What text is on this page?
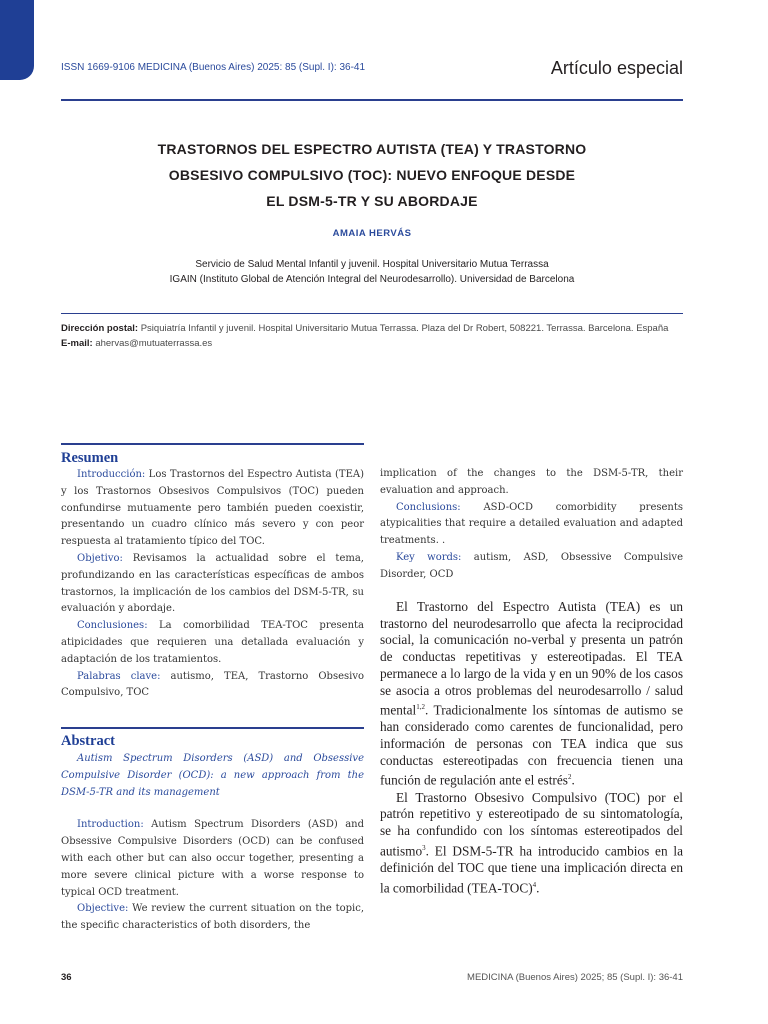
ISSN 1669-9106 MEDICINA (Buenos Aires) 2025: 85 (Supl. I): 36-41	Artículo especial
TRASTORNOS DEL ESPECTRO AUTISTA (TEA) Y TRASTORNO
OBSESIVO COMPULSIVO (TOC): NUEVO ENFOQUE DESDE
EL DSM-5-TR Y SU ABORDAJE
AMAIA HERVÁS
Servicio de Salud Mental Infantil y juvenil. Hospital Universitario Mutua Terrassa
IGAIN (Instituto Global de Atención Integral del Neurodesarrollo). Universidad de Barcelona
Dirección postal: Psiquiatría Infantil y juvenil. Hospital Universitario Mutua Terrassa. Plaza del Dr Robert, 508221. Terrassa. Barcelona. España
E-mail: ahervas@mutuaterrassa.es
Resumen

Introducción: Los Trastornos del Espectro Autista (TEA) y los Trastornos Obsesivos Compulsivos (TOC) pueden confundirse mutuamente pero también pueden coexistir, presentando un cuadro clínico más severo y con peor respuesta al tratamiento típico del TOC.

Objetivo: Revisamos la actualidad sobre el tema, profundizando en las características específicas de ambos trastornos, la implicación de los cambios del DSM-5-TR, su evaluación y abordaje.

Conclusiones: La comorbilidad TEA-TOC presenta atipicidades que requieren una detallada evaluación y adaptación de los tratamientos.

Palabras clave: autismo, TEA, Trastorno Obsesivo Compulsivo, TOC

Abstract

Autism Spectrum Disorders (ASD) and Obsessive Compulsive Disorder (OCD): a new approach from the DSM-5-TR and its management

Introduction: Autism Spectrum Disorders (ASD) and Obsessive Compulsive Disorders (OCD) can be confused with each other but can also occur together, presenting a more severe clinical picture with a worse response to typical OCD treatment.

Objective: We review the current situation on the topic, the specific characteristics of both disorders, the

implication of the changes to the DSM-5-TR, their evaluation and approach.

Conclusions: ASD-OCD comorbidity presents atypicalities that require a detailed evaluation and adapted treatments. .

Key words: autism, ASD, Obsessive Compulsive Disorder, OCD

El Trastorno del Espectro Autista (TEA) es un trastorno del neurodesarrollo que afecta la reciprocidad social, la comunicación no-verbal y presenta un patrón de conductas repetitivas y estereotipadas. El TEA permanece a lo largo de la vida y en un 90% de los casos se asocia a otros problemas del neurodesarrollo / salud mental$^{1,2}$. Tradicionalmente los síntomas de autismo se han considerado como carentes de funcionalidad, pero información de personas con TEA indica que sus conductas estereotipadas con frecuencia tienen una función de regulación ante el estrés$^2$.

El Trastorno Obsesivo Compulsivo (TOC) por el patrón repetitivo y estereotipado de su sintomatología, se ha confundido con los síntomas estereotipados del autismo$^3$. El DSM-5-TR ha introducido cambios en la definición del TOC que tiene una implicación directa en la comorbilidad $(TEA-TOC)^4$.

36	MEDICINA (Buenos Aires) 2025; 85 (Supl. I): 36-41
